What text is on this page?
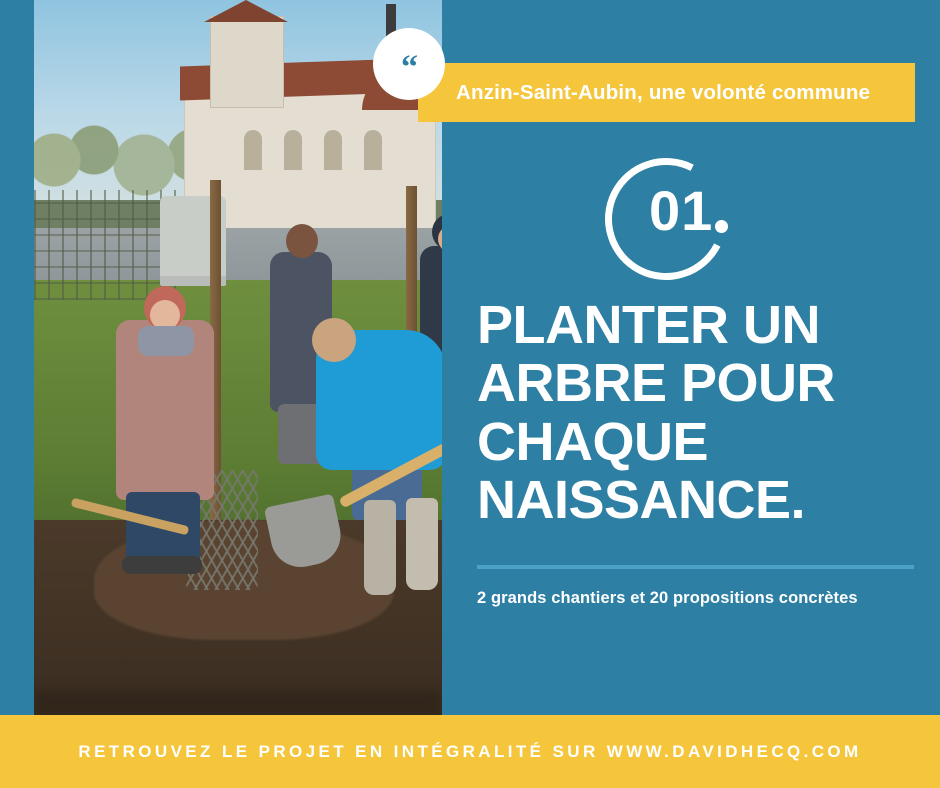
“
Anzin-Saint-Aubin, une volonté commune
01
PLANTER UN
ARBRE POUR
CHAQUE
NAISSANCE.
2 grands chantiers et 20 propositions concrètes
RETROUVEZ LE PROJET EN INTÉGRALITÉ SUR WWW.DAVIDHECQ.COM
